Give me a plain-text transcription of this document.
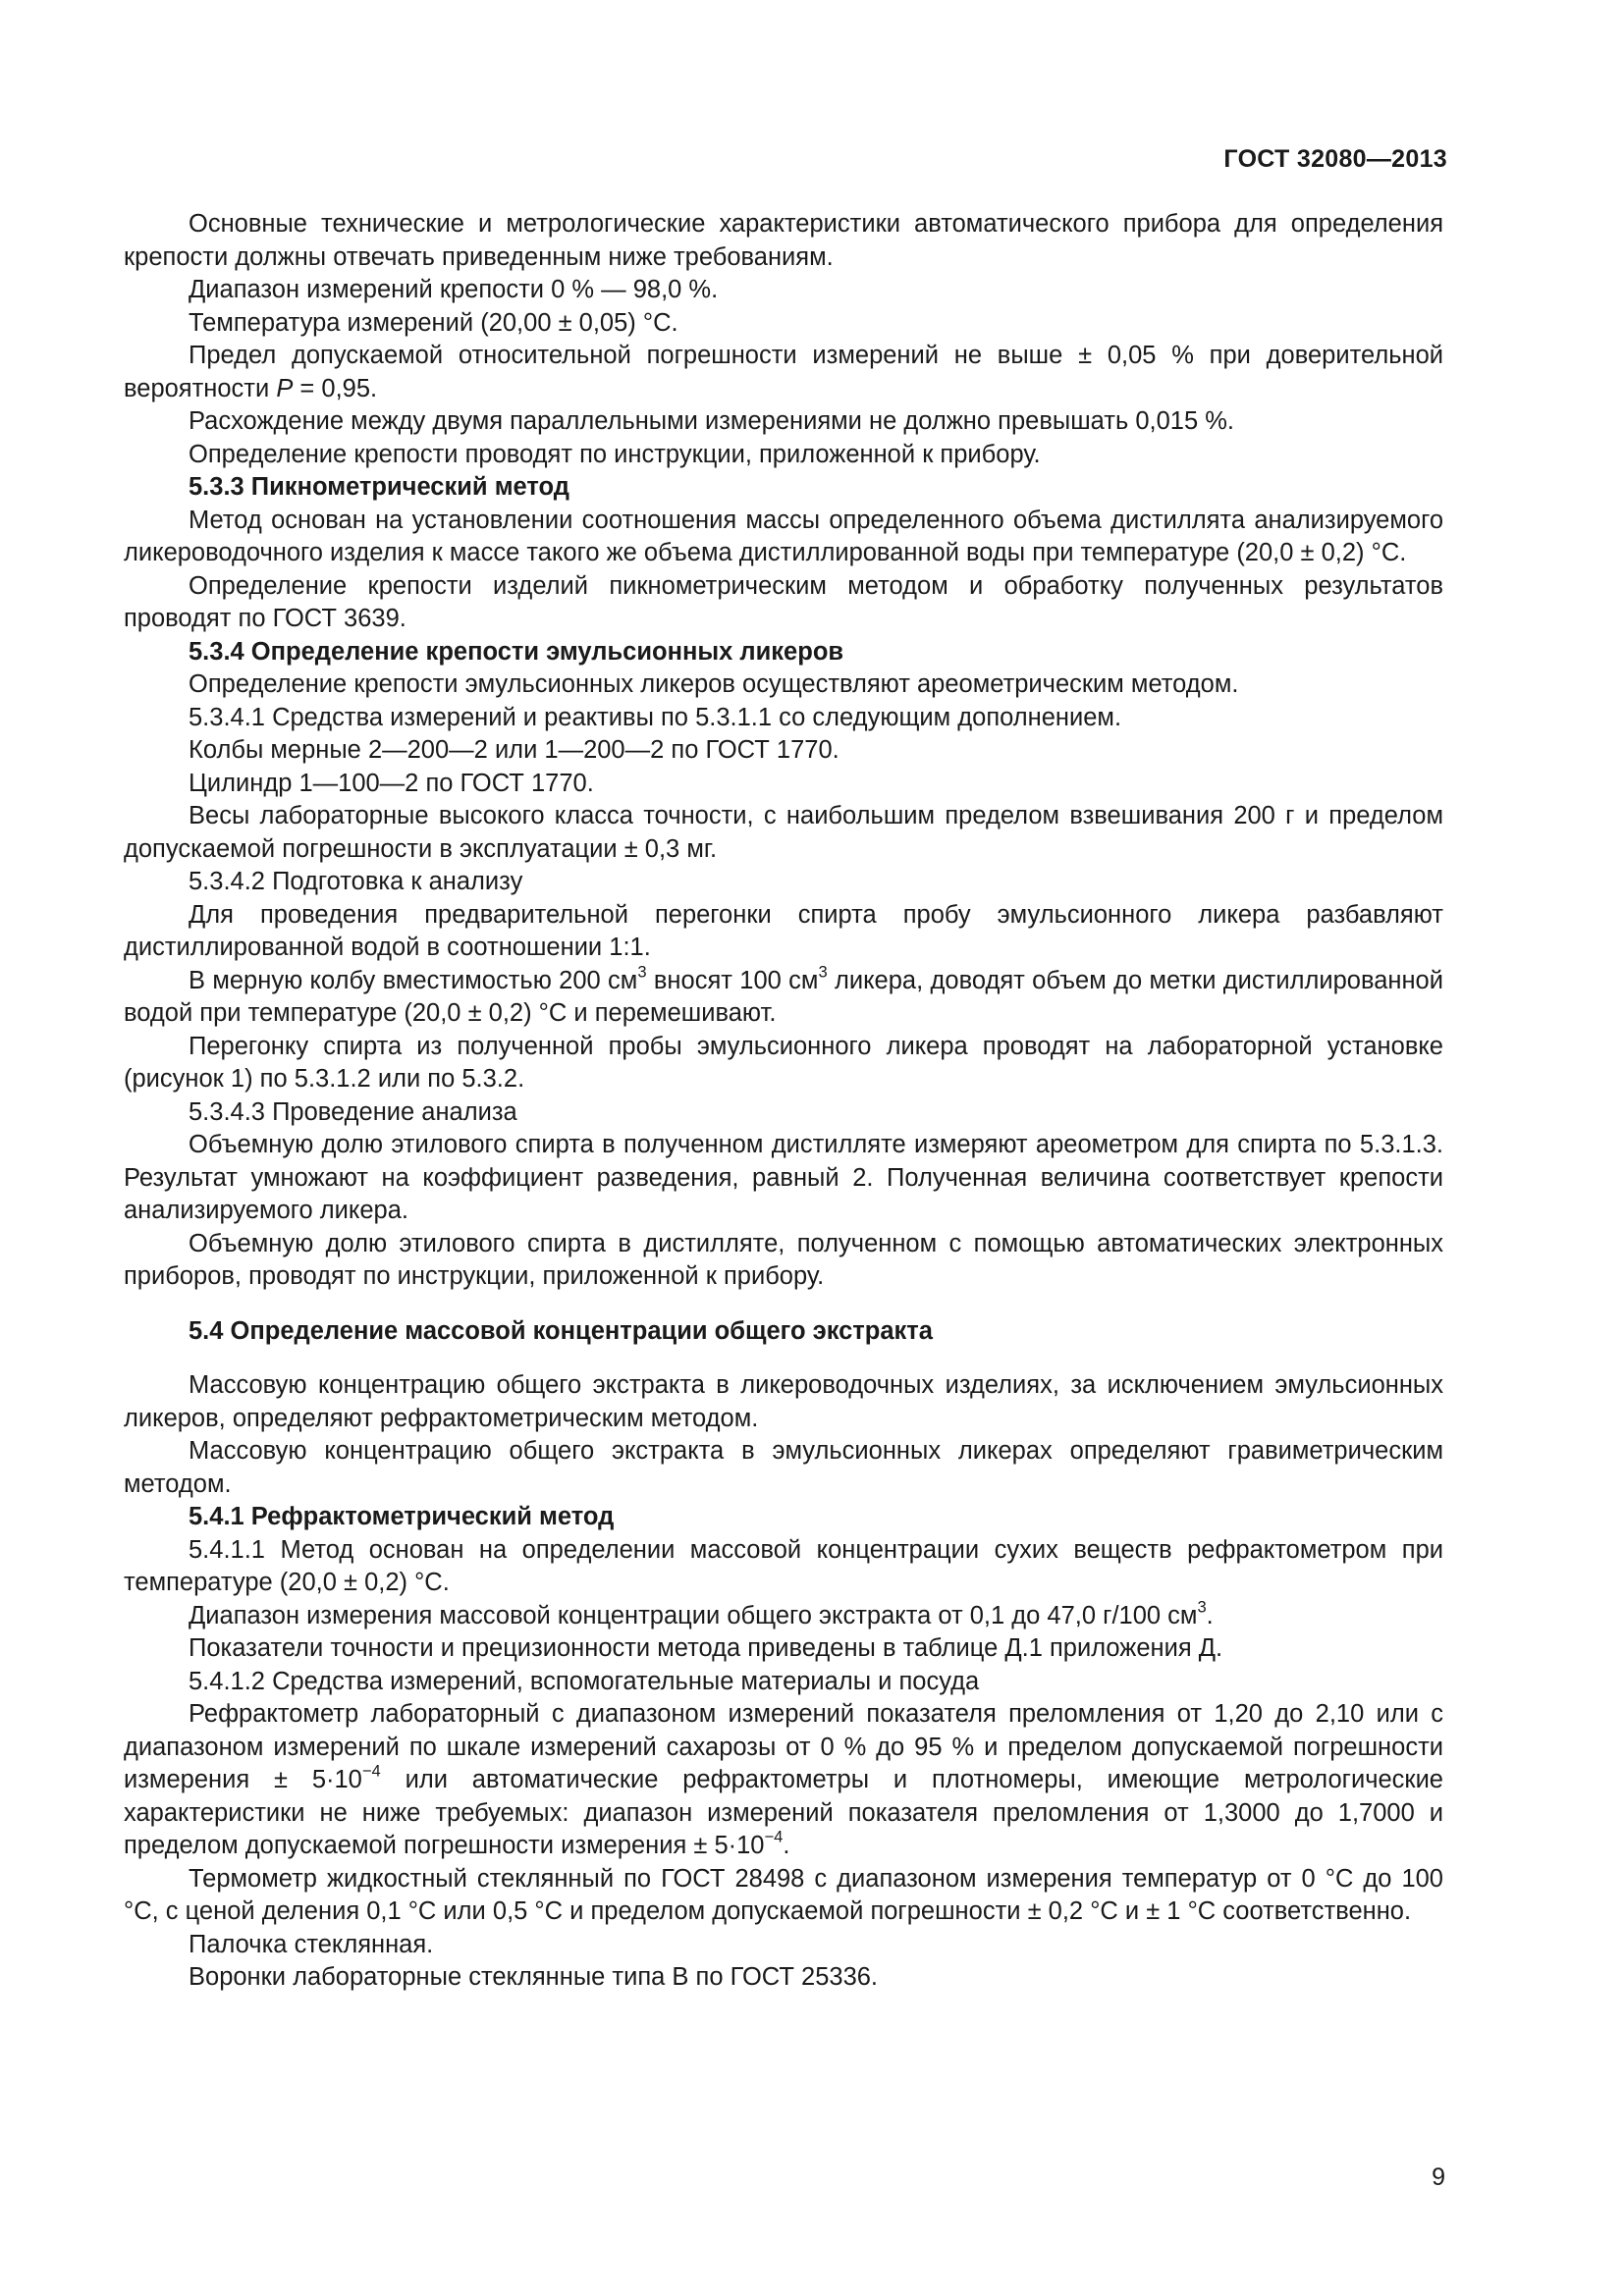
ГОСТ 32080—2013

Основные технические и метрологические характеристики автоматического прибора для определения крепости должны отвечать приведенным ниже требованиям.

Диапазон измерений крепости 0 % — 98,0 %.

Температура измерений (20,00 ± 0,05) °С.

Предел допускаемой относительной погрешности измерений не выше ± 0,05 % при доверительной вероятности P = 0,95.

Расхождение между двумя параллельными измерениями не должно превышать 0,015 %.

Определение крепости проводят по инструкции, приложенной к прибору.

5.3.3 Пикнометрический метод

Метод основан на установлении соотношения массы определенного объема дистиллята анализируемого ликероводочного изделия к массе такого же объема дистиллированной воды при температуре (20,0 ± 0,2) °С.

Определение крепости изделий пикнометрическим методом и обработку полученных результатов проводят по ГОСТ 3639.

5.3.4 Определение крепости эмульсионных ликеров

Определение крепости эмульсионных ликеров осуществляют ареометрическим методом.

5.3.4.1 Средства измерений и реактивы по 5.3.1.1 со следующим дополнением.

Колбы мерные 2—200—2 или 1—200—2 по ГОСТ 1770.

Цилиндр 1—100—2 по ГОСТ 1770.

Весы лабораторные высокого класса точности, с наибольшим пределом взвешивания 200 г и пределом допускаемой погрешности в эксплуатации ± 0,3 мг.

5.3.4.2 Подготовка к анализу

Для проведения предварительной перегонки спирта пробу эмульсионного ликера разбавляют дистиллированной водой в соотношении 1:1.

В мерную колбу вместимостью 200 $см^3$ вносят 100 $см^3$ ликера, доводят объем до метки дистиллированной водой при температуре (20,0 ± 0,2) °С и перемешивают.

Перегонку спирта из полученной пробы эмульсионного ликера проводят на лабораторной установке (рисунок 1) по 5.3.1.2 или по 5.3.2.

5.3.4.3 Проведение анализа

Объемную долю этилового спирта в полученном дистилляте измеряют ареометром для спирта по 5.3.1.3. Результат умножают на коэффициент разведения, равный 2. Полученная величина соответствует крепости анализируемого ликера.

Объемную долю этилового спирта в дистилляте, полученном с помощью автоматических электронных приборов, проводят по инструкции, приложенной к прибору.

5.4 Определение массовой концентрации общего экстракта

Массовую концентрацию общего экстракта в ликероводочных изделиях, за исключением эмульсионных ликеров, определяют рефрактометрическим методом.

Массовую концентрацию общего экстракта в эмульсионных ликерах определяют гравиметрическим методом.

5.4.1 Рефрактометрический метод

5.4.1.1 Метод основан на определении массовой концентрации сухих веществ рефрактометром при температуре (20,0 ± 0,2) °С.

Диапазон измерения массовой концентрации общего экстракта от 0,1 до 47,0 г/100 $см^3$.

Показатели точности и прецизионности метода приведены в таблице Д.1 приложения Д.

5.4.1.2 Средства измерений, вспомогательные материалы и посуда

Рефрактометр лабораторный с диапазоном измерений показателя преломления от 1,20 до 2,10 или с диапазоном измерений по шкале измерений сахарозы от 0 % до 95 % и пределом допускаемой погрешности измерения ± $5\cdot 10^{-4}$ или автоматические рефрактометры и плотномеры, имеющие метрологические характеристики не ниже требуемых: диапазон измерений показателя преломления от 1,3000 до 1,7000 и пределом допускаемой погрешности измерения ± $5\cdot 10^{-4}$.

Термометр жидкостный стеклянный по ГОСТ 28498 с диапазоном измерения температур от 0 °С до 100 °С, с ценой деления 0,1 °С или 0,5 °С и пределом допускаемой погрешности ± 0,2 °С и ± 1 °С соответственно.

Палочка стеклянная.

Воронки лабораторные стеклянные типа В по ГОСТ 25336.

9
